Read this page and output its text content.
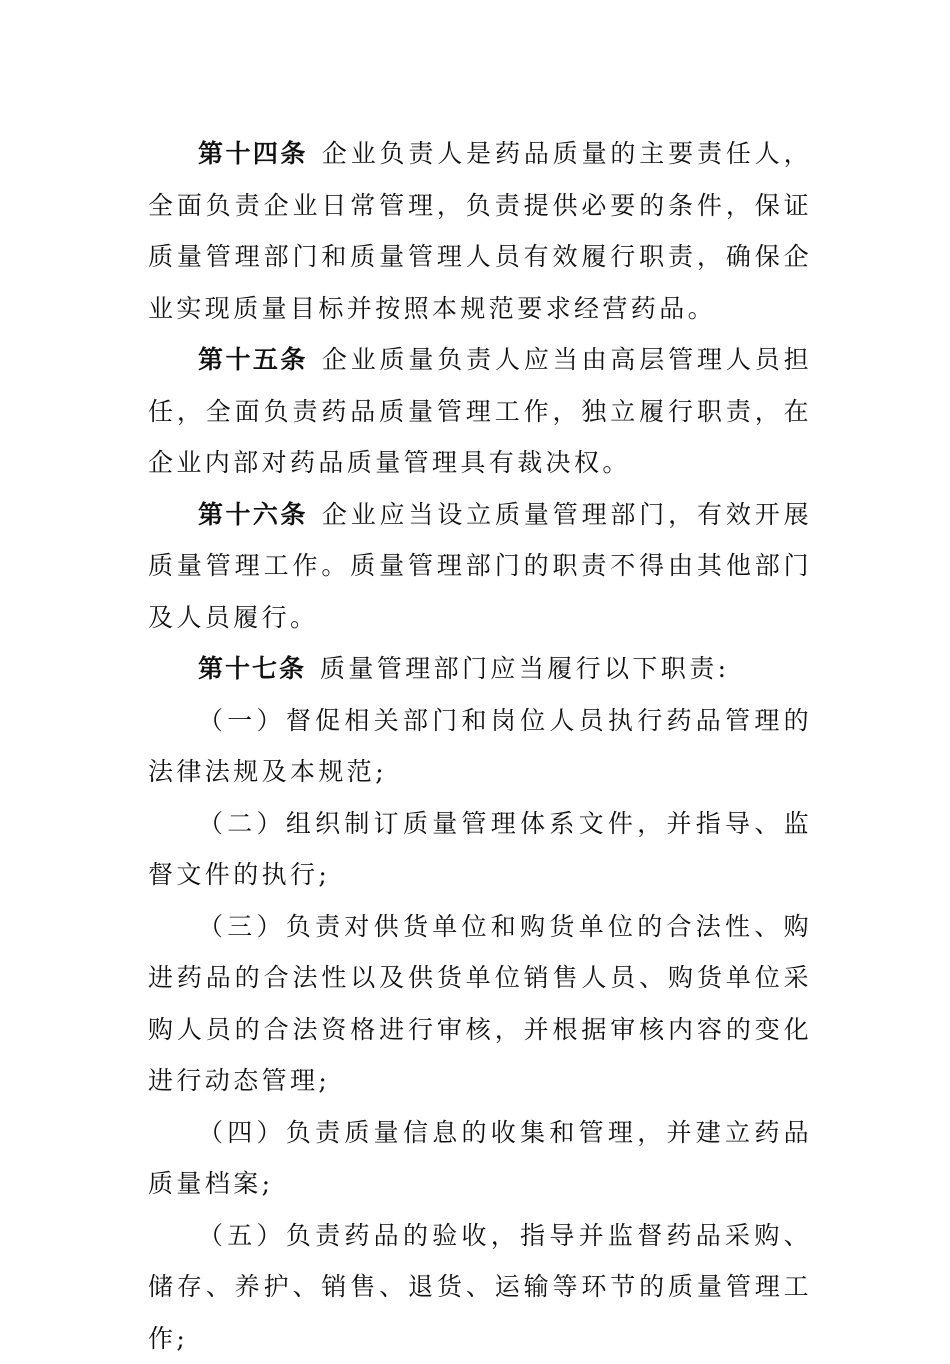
第十四条 企业负责人是药品质量的主要责任人，全面负责企业日常管理，负责提供必要的条件，保证质量管理部门和质量管理人员有效履行职责，确保企业实现质量目标并按照本规范要求经营药品。

第十五条 企业质量负责人应当由高层管理人员担任，全面负责药品质量管理工作，独立履行职责，在企业内部对药品质量管理具有裁决权。

第十六条 企业应当设立质量管理部门，有效开展质量管理工作。质量管理部门的职责不得由其他部门及人员履行。

第十七条 质量管理部门应当履行以下职责:

（一）督促相关部门和岗位人员执行药品管理的法律法规及本规范;

（二）组织制订质量管理体系文件，并指导、监督文件的执行;

（三）负责对供货单位和购货单位的合法性、购进药品的合法性以及供货单位销售人员、购货单位采购人员的合法资格进行审核，并根据审核内容的变化进行动态管理;

（四）负责质量信息的收集和管理，并建立药品质量档案;

（五）负责药品的验收，指导并监督药品采购、储存、养护、销售、退货、运输等环节的质量管理工作;
